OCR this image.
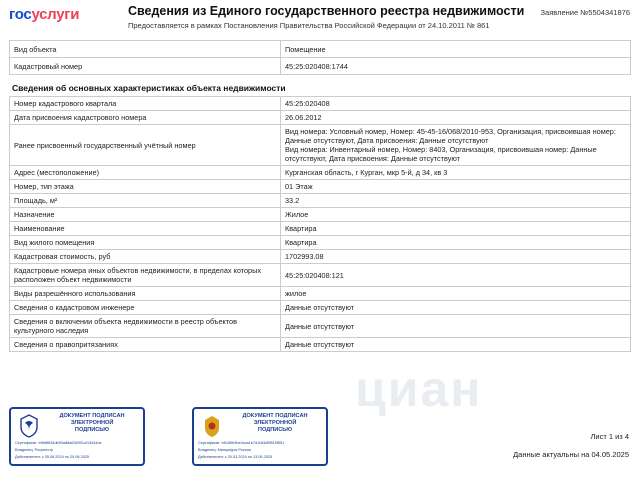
госуслуги	Сведения из Единого государственного реестра недвижимости
Предоставляется в рамках Постановления Правительства Российской Федерации от 24.10.2011 № 861
Заявление №5504341876
Вид объекта	Помещение
Кадастровый номер	45:25:020408:1744
Сведения об основных характеристиках объекта недвижимости
Номер кадастрового квартала	45:25:020408
Дата присвоения кадастрового номера	26.06.2012
Ранее присвоенный государственный учётный номер	Вид номера: Условный номер, Номер: 45-45-16/068/2010-953, Организация, присвоившая номер: Данные отсутствуют, Дата присвоения: Данные отсутствуют
Вид номера: Инвентарный номер, Номер: 8403, Организация, присвоившая номер: Данные отсутствуют, Дата присвоения: Данные отсутствуют
Адрес (местоположение)	Курганская область, г Курган, мкр 5-й, д 34, кв 3
Номер, тип этажа	01 Этаж
Площадь, м²	33.2
Назначение	Жилое
Наименование	Квартира
Вид жилого помещения	Квартира
Кадастровая стоимость, руб	1702993.08
Кадастровые номера иных объектов недвижимости, в пределах которых расположен объект недвижимости	45:25:020408:121
Виды разрешённого использования	жилое
Сведения о кадастровом инженере	Данные отсутствуют
Сведения о включении объекта недвижимости в реестр объектов культурного наследия	Данные отсутствуют
Сведения о правопритязаниях	Данные отсутствуют
циан
ДОКУМЕНТ ПОДПИСАН
ЭЛЕКТРОННОЙ
ПОДПИСЬЮ
Сертификат: b9b8f834db90a88a634901cf13444dc
Владелец: Росреестр
Действителен: с 05.06.2024 по 29.08.2025
ДОКУМЕНТ ПОДПИСАН
ЭЛЕКТРОННОЙ
ПОДПИСЬЮ
Сертификат: b5189b3be4cca1b7d1164df9819f551
Владелец: Минцифры России
Действителен: с 20.03.2024 по 13.06.2025
Лист 1 из 4
Данные актуальны на 04.05.2025
